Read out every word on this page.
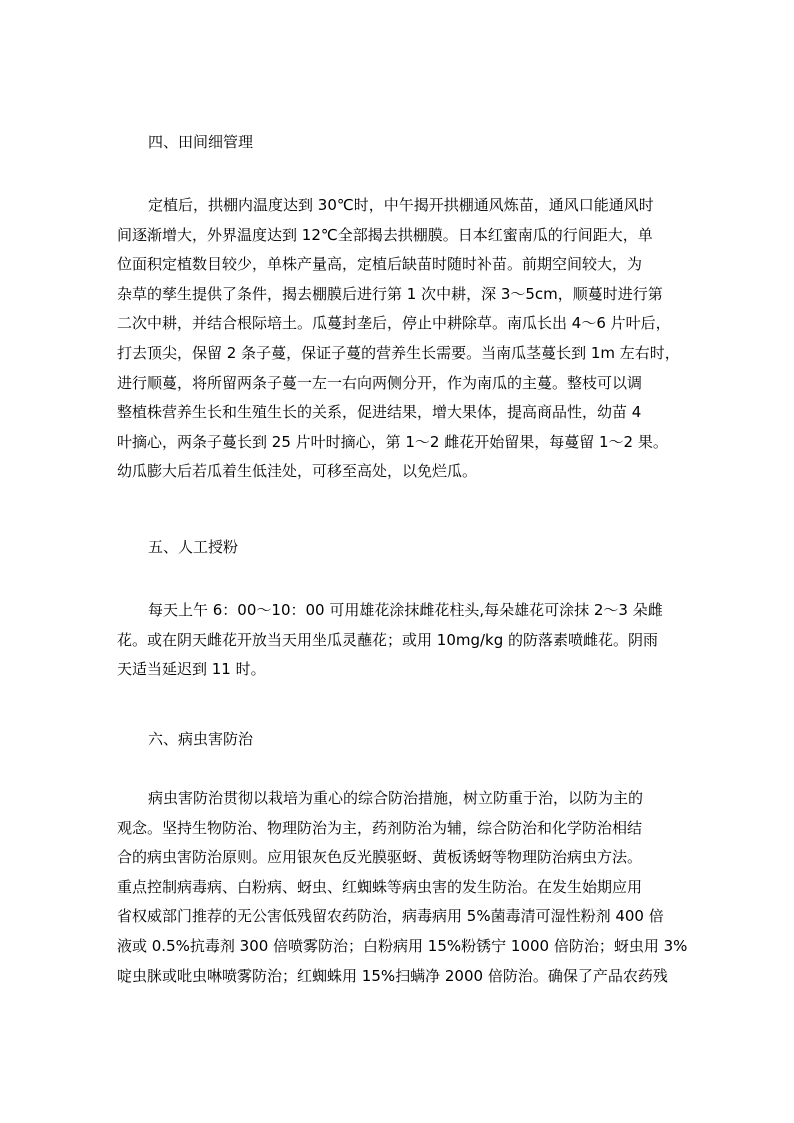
四、田间细管理
定植后，拱棚内温度达到 30℃时，中午揭开拱棚通风炼苗，通风口能通风时
间逐渐增大，外界温度达到 12℃全部揭去拱棚膜。日本红蜜南瓜的行间距大，单
位面积定植数目较少，单株产量高，定植后缺苗时随时补苗。前期空间较大，为
杂草的孳生提供了条件，揭去棚膜后进行第 1 次中耕，深 3～5cm，顺蔓时进行第
二次中耕，并结合根际培土。瓜蔓封垄后，停止中耕除草。南瓜长出 4～6 片叶后，
打去顶尖，保留 2 条子蔓，保证子蔓的营养生长需要。当南瓜茎蔓长到 1m 左右时，
进行顺蔓，将所留两条子蔓一左一右向两侧分开，作为南瓜的主蔓。整枝可以调
整植株营养生长和生殖生长的关系，促进结果，增大果体，提高商品性，幼苗 4
叶摘心，两条子蔓长到 25 片叶时摘心，第 1～2 雌花开始留果，每蔓留 1～2 果。
幼瓜膨大后若瓜着生低洼处，可移至高处，以免烂瓜。
五、人工授粉
每天上午 6：00～10：00 可用雄花涂抹雌花柱头,每朵雄花可涂抹 2～3 朵雌
花。或在阴天雌花开放当天用坐瓜灵蘸花；或用 10mg/kg 的防落素喷雌花。阴雨
天适当延迟到 11 时。
六、病虫害防治
病虫害防治贯彻以栽培为重心的综合防治措施，树立防重于治，以防为主的
观念。坚持生物防治、物理防治为主，药剂防治为辅，综合防治和化学防治相结
合的病虫害防治原则。应用银灰色反光膜驱蚜、黄板诱蚜等物理防治病虫方法。
重点控制病毒病、白粉病、蚜虫、红蜘蛛等病虫害的发生防治。在发生始期应用
省权威部门推荐的无公害低残留农药防治，病毒病用 5%菌毒清可湿性粉剂 400 倍
液或 0.5%抗毒剂 300 倍喷雾防治；白粉病用 15%粉锈宁 1000 倍防治；蚜虫用 3%
啶虫脒或吡虫啉喷雾防治；红蜘蛛用 15%扫螨净 2000 倍防治。确保了产品农药残
